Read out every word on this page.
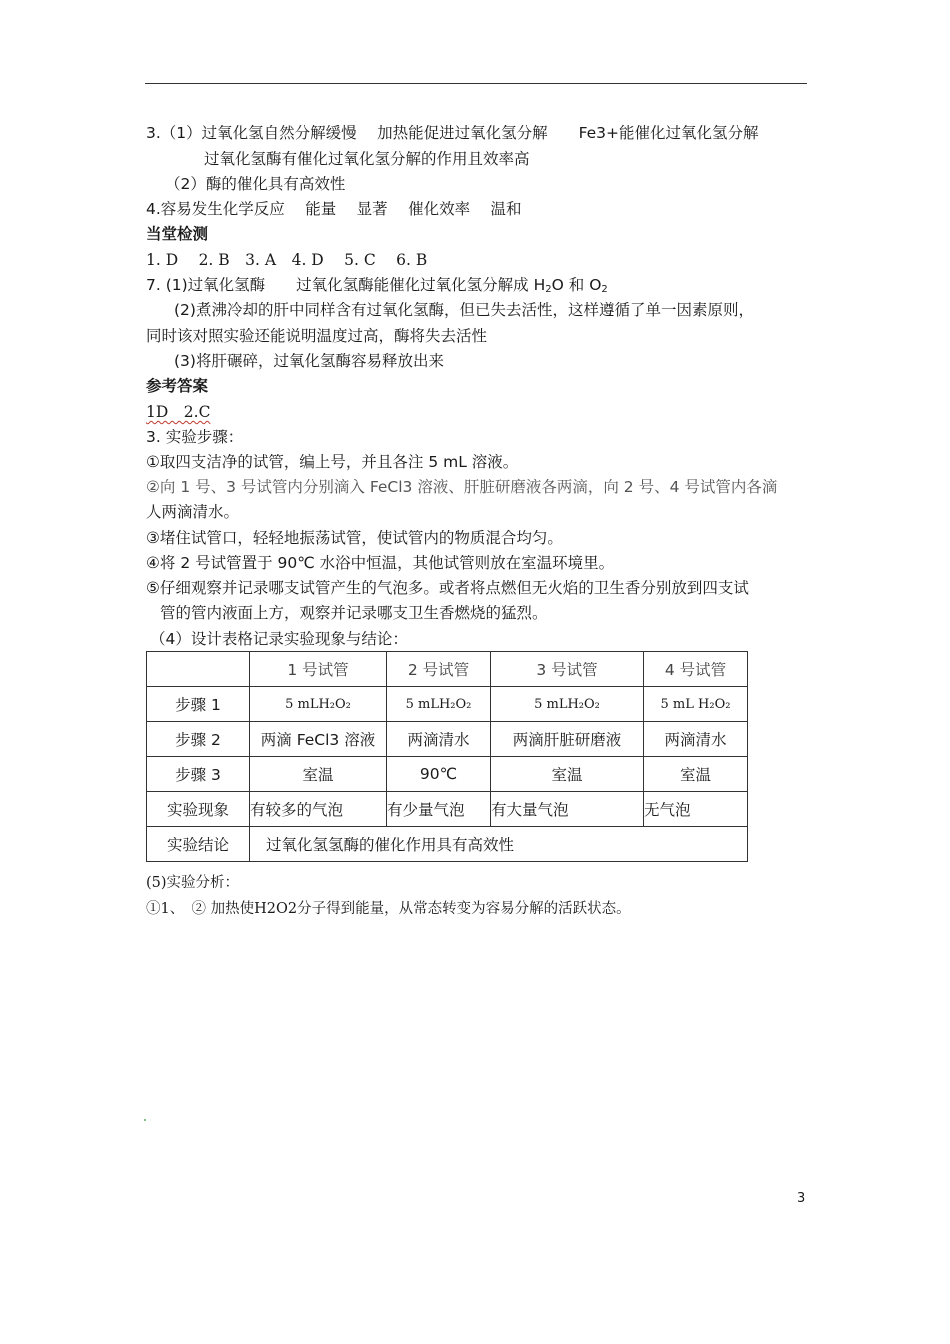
3.（1）过氧化氢自然分解缓慢　 加热能促进过氧化氢分解　　Fe3+能催化过氧化氢分解
过氧化氢酶有催化过氧化氢分解的作用且效率高
（2）酶的催化具有高效性
4.容易发生化学反应　 能量　 显著　 催化效率　 温和
当堂检测
1. D　 2. B　3. A　4. D　 5. C　 6. B
7. (1)过氧化氢酶　　过氧化氢酶能催化过氧化氢分解成 $H_2O$ 和 $O_2$
(2)煮沸冷却的肝中同样含有过氧化氢酶，但已失去活性，这样遵循了单一因素原则，
同时该对照实验还能说明温度过高，酶将失去活性
(3)将肝碾碎，过氧化氢酶容易释放出来
参考答案
1D　2.C
3. 实验步骤：
①取四支洁净的试管，编上号，并且各注 5 mL 溶液。
②向 1 号、3 号试管内分别滴入 FeCl3 溶液、肝脏研磨液各两滴，向 2 号、4 号试管内各滴
人两滴清水。
③堵住试管口，轻轻地振荡试管，使试管内的物质混合均匀。
④将 2 号试管置于 90℃ 水浴中恒温，其他试管则放在室温环境里。
⑤仔细观察并记录哪支试管产生的气泡多。或者将点燃但无火焰的卫生香分别放到四支试
管的管内液面上方，观察并记录哪支卫生香燃烧的猛烈。
（4）设计表格记录实验现象与结论：
	1 号试管	2 号试管	3 号试管	4 号试管
步骤 1	5 mLH₂O₂	5 mLH₂O₂	5 mLH₂O₂	5 mL H₂O₂
步骤 2	两滴 FeCl3 溶液	两滴清水	两滴肝脏研磨液	两滴清水
步骤 3	室温	90℃	室温	室温
实验现象	有较多的气泡	有少量气泡	有大量气泡	无气泡
实验结论	过氧化氢氢酶的催化作用具有高效性			
(5)实验分析：
①1、　② 加热使H2O2分子得到能量，从常态转变为容易分解的活跃状态。
3
